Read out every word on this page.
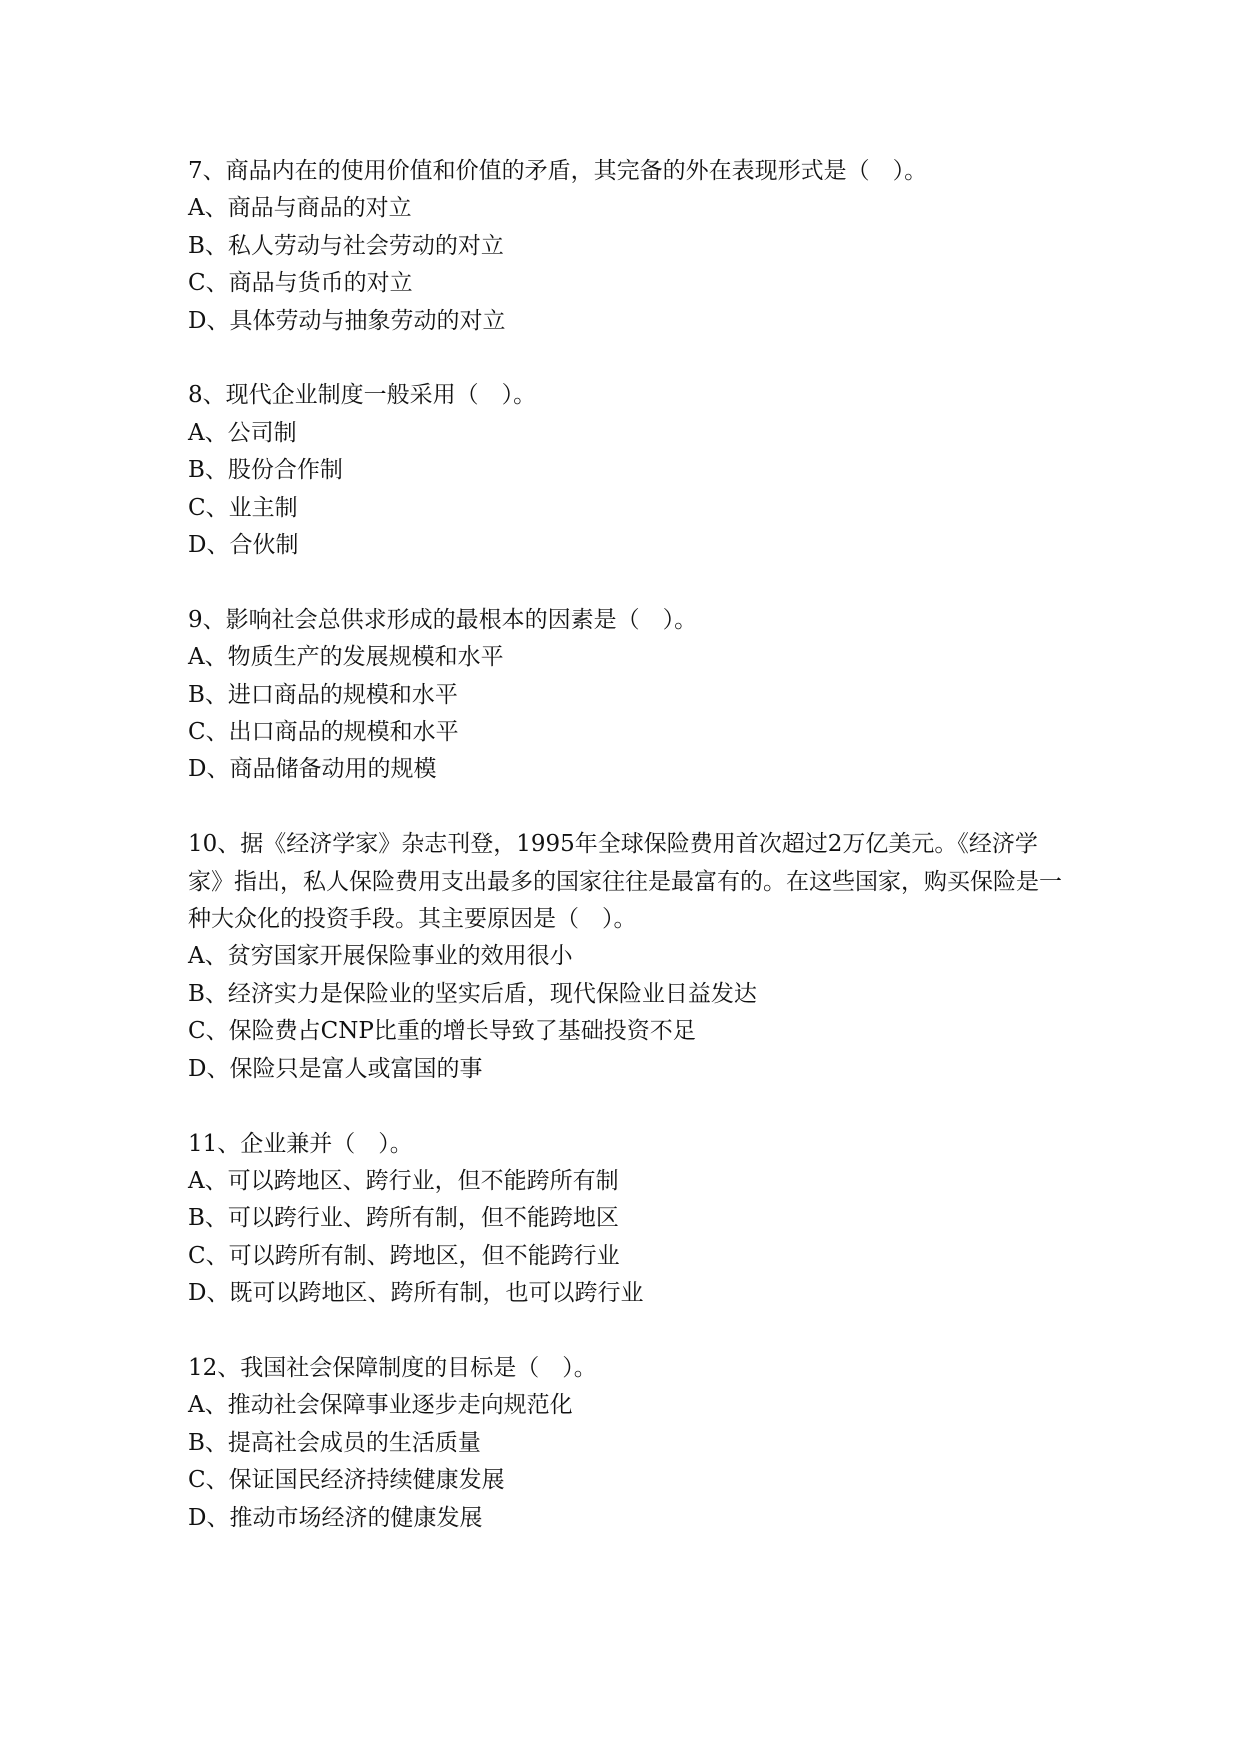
7、商品内在的使用价值和价值的矛盾，其完备的外在表现形式是（　）。
A、商品与商品的对立
B、私人劳动与社会劳动的对立
C、商品与货币的对立
D、具体劳动与抽象劳动的对立
8、现代企业制度一般采用（　）。
A、公司制
B、股份合作制
C、业主制
D、合伙制
9、影响社会总供求形成的最根本的因素是（　）。
A、物质生产的发展规模和水平
B、进口商品的规模和水平
C、出口商品的规模和水平
D、商品储备动用的规模
10、据《经济学家》杂志刊登，1995年全球保险费用首次超过2万亿美元。《经济学家》指出，私人保险费用支出最多的国家往往是最富有的。在这些国家，购买保险是一种大众化的投资手段。其主要原因是（　）。
A、贫穷国家开展保险事业的效用很小
B、经济实力是保险业的坚实后盾，现代保险业日益发达
C、保险费占CNP比重的增长导致了基础投资不足
D、保险只是富人或富国的事
11、企业兼并（　）。
A、可以跨地区、跨行业，但不能跨所有制
B、可以跨行业、跨所有制，但不能跨地区
C、可以跨所有制、跨地区，但不能跨行业
D、既可以跨地区、跨所有制，也可以跨行业
12、我国社会保障制度的目标是（　）。
A、推动社会保障事业逐步走向规范化
B、提高社会成员的生活质量
C、保证国民经济持续健康发展
D、推动市场经济的健康发展
